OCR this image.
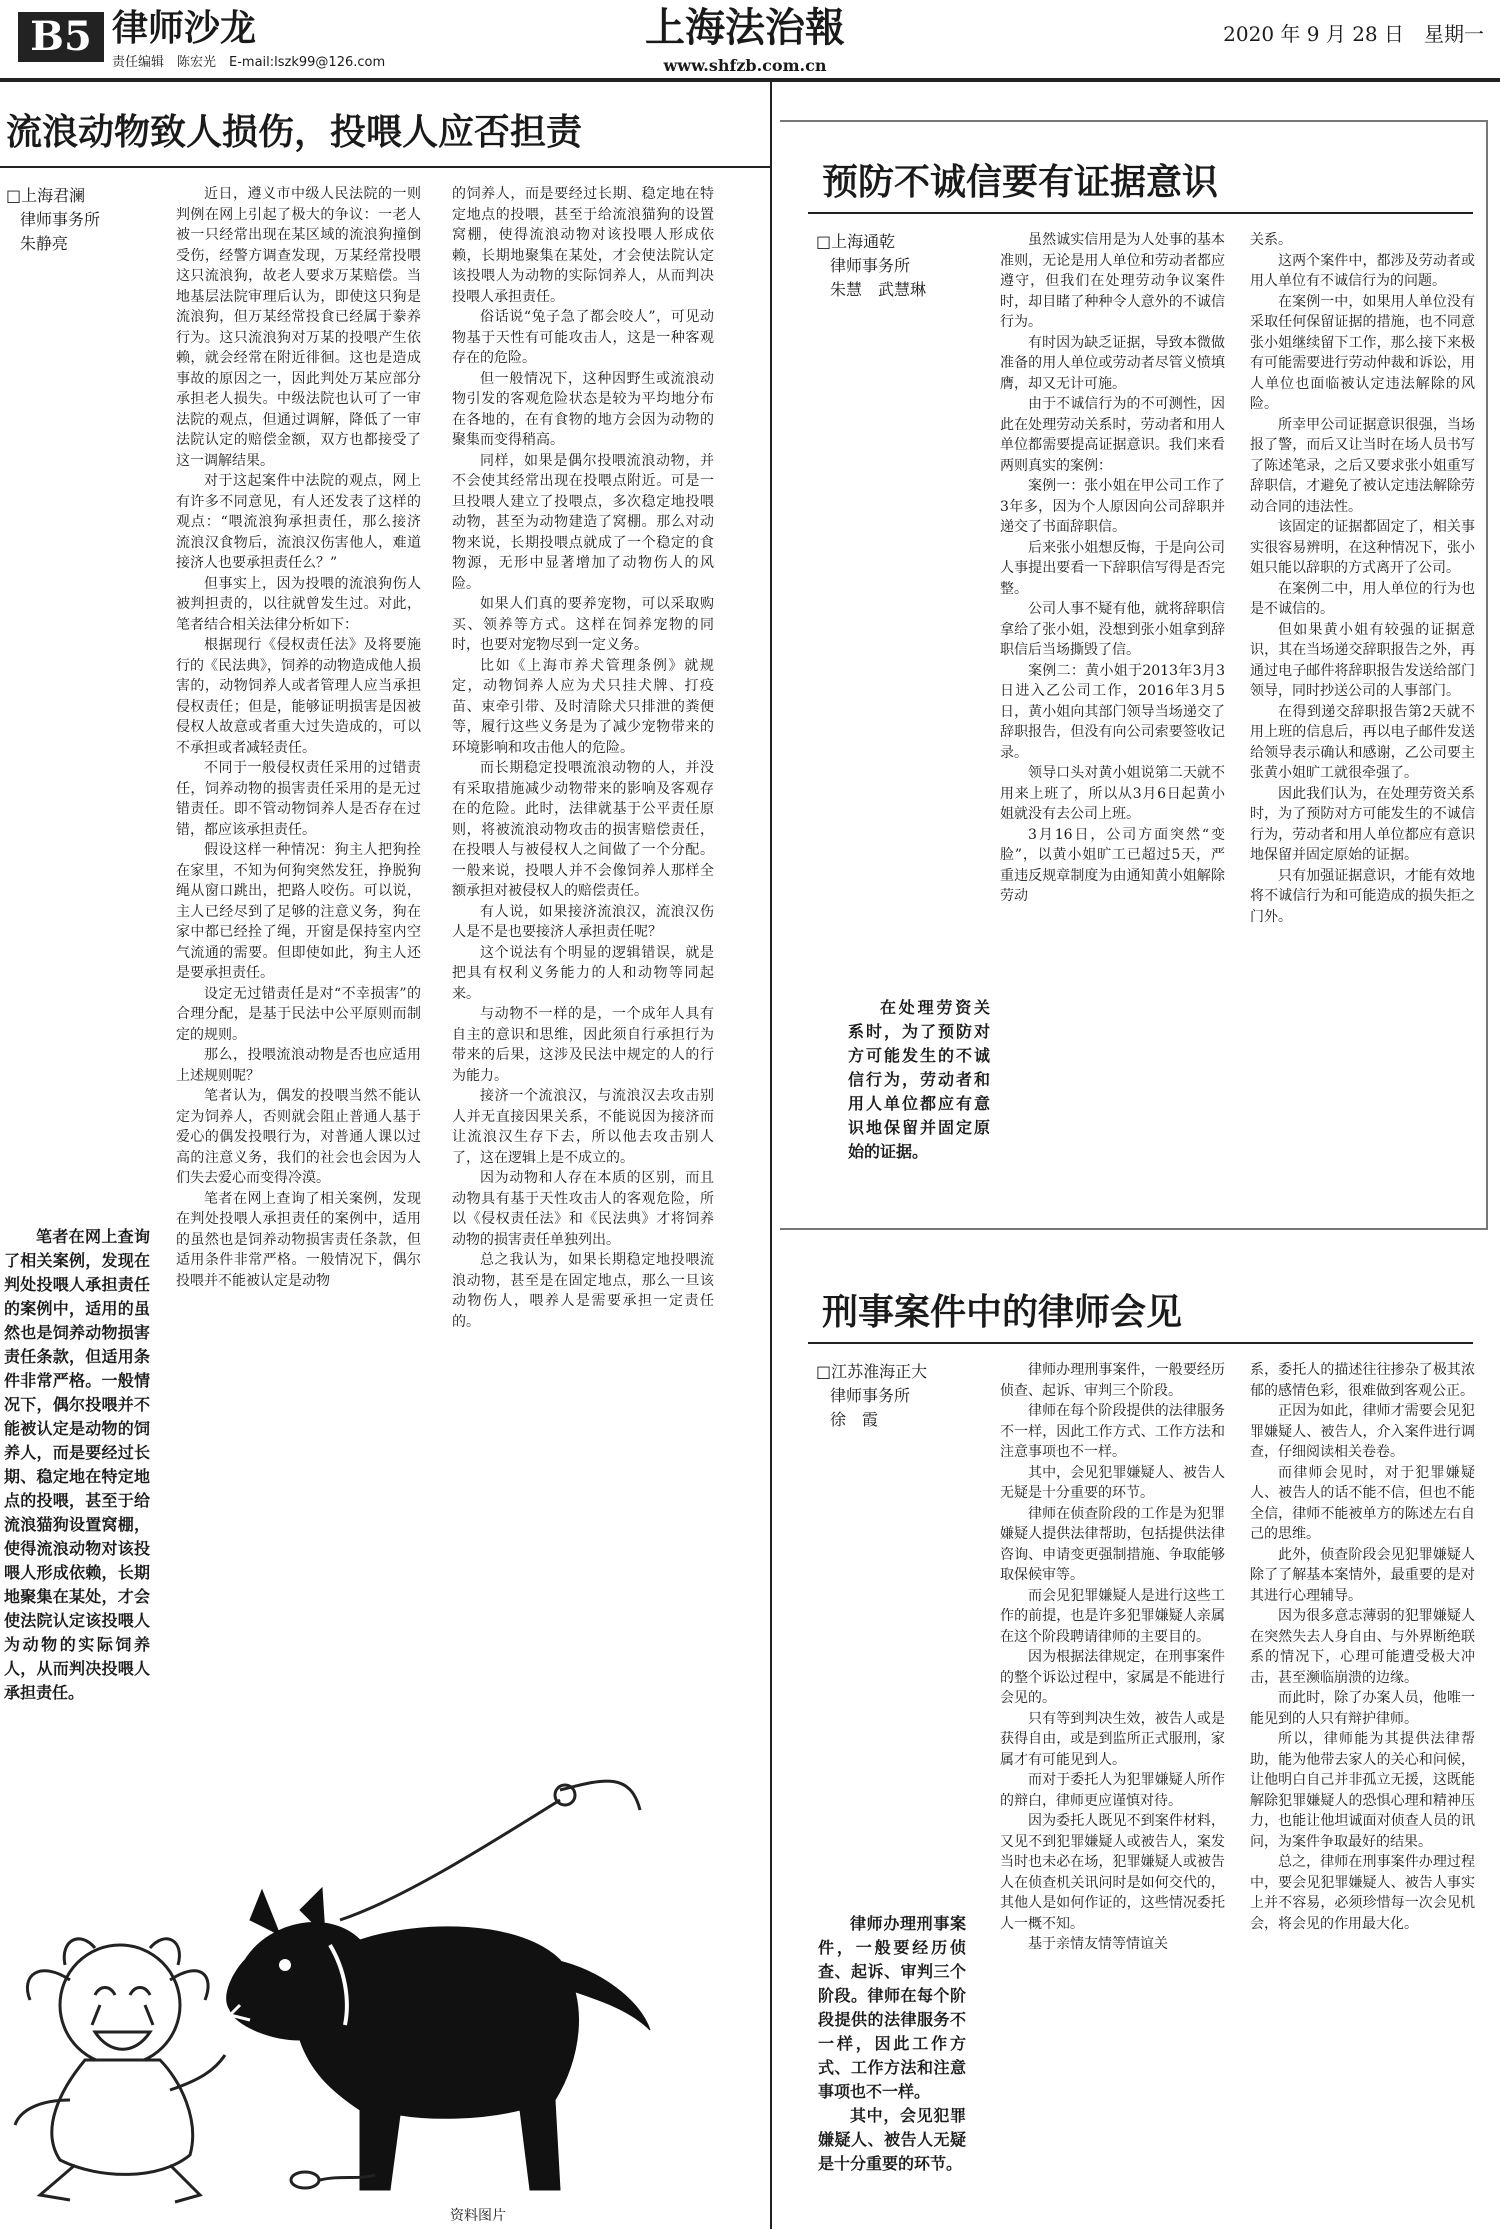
B5 律师沙龙
责任编辑　陈宏光　E-mail:lszk99@126.com
上海法治報
www.shfzb.com.cn
2020 年 9 月 28 日　星期一
流浪动物致人损伤，投喂人应否担责
□上海君澜
律师事务所
朱静亮

笔者在网上查询了相关案例，发现在判处投喂人承担责任的案例中，适用的虽然也是饲养动物损害责任条款，但适用条件非常严格。一般情况下，偶尔投喂并不能被认定是动物的饲养人，而是要经过长期、稳定地在特定地点的投喂，甚至于给流浪猫狗设置窝棚，使得流浪动物对该投喂人形成依赖，长期地聚集在某处，才会使法院认定该投喂人为动物的实际饲养人，从而判决投喂人承担责任。

近日，遵义市中级人民法院的一则判例在网上引起了极大的争议：一老人被一只经常出现在某区域的流浪狗撞倒受伤，经警方调查发现，万某经常投喂这只流浪狗，故老人要求万某赔偿。当地基层法院审理后认为，即使这只狗是流浪狗，但万某经常投食已经属于豢养行为。这只流浪狗对万某的投喂产生依赖，就会经常在附近徘徊。这也是造成事故的原因之一，因此判处万某应部分承担老人损失。中级法院也认可了一审法院的观点，但通过调解，降低了一审法院认定的赔偿金额，双方也都接受了这一调解结果。

对于这起案件中法院的观点，网上有许多不同意见，有人还发表了这样的观点：“喂流浪狗承担责任，那么接济流浪汉食物后，流浪汉伤害他人，难道接济人也要承担责任么？”

但事实上，因为投喂的流浪狗伤人被判担责的，以往就曾发生过。对此，笔者结合相关法律分析如下：

根据现行《侵权责任法》及将要施行的《民法典》，饲养的动物造成他人损害的，动物饲养人或者管理人应当承担侵权责任；但是，能够证明损害是因被侵权人故意或者重大过失造成的，可以不承担或者减轻责任。

不同于一般侵权责任采用的过错责任，饲养动物的损害责任采用的是无过错责任。即不管动物饲养人是否存在过错，都应该承担责任。

假设这样一种情况：狗主人把狗拴在家里，不知为何狗突然发狂，挣脱狗绳从窗口跳出，把路人咬伤。可以说，主人已经尽到了足够的注意义务，狗在家中都已经拴了绳，开窗是保持室内空气流通的需要。但即使如此，狗主人还是要承担责任。

设定无过错责任是对“不幸损害”的合理分配，是基于民法中公平原则而制定的规则。

那么，投喂流浪动物是否也应适用上述规则呢？

笔者认为，偶发的投喂当然不能认定为饲养人，否则就会阻止普通人基于爱心的偶发投喂行为，对普通人课以过高的注意义务，我们的社会也会因为人们失去爱心而变得冷漠。

笔者在网上查询了相关案例，发现在判处投喂人承担责任的案例中，适用的虽然也是饲养动物损害责任条款，但适用条件非常严格。一般情况下，偶尔投喂并不能被认定是动物

的饲养人，而是要经过长期、稳定地在特定地点的投喂，甚至于给流浪猫狗的设置窝棚，使得流浪动物对该投喂人形成依赖，长期地聚集在某处，才会使法院认定该投喂人为动物的实际饲养人，从而判决投喂人承担责任。

俗话说“兔子急了都会咬人”，可见动物基于天性有可能攻击人，这是一种客观存在的危险。

但一般情况下，这种因野生或流浪动物引发的客观危险状态是较为平均地分布在各地的，在有食物的地方会因为动物的聚集而变得稍高。

同样，如果是偶尔投喂流浪动物，并不会使其经常出现在投喂点附近。可是一旦投喂人建立了投喂点，多次稳定地投喂动物，甚至为动物建造了窝棚。那么对动物来说，长期投喂点就成了一个稳定的食物源，无形中显著增加了动物伤人的风险。

如果人们真的要养宠物，可以采取购买、领养等方式。这样在饲养宠物的同时，也要对宠物尽到一定义务。

比如《上海市养犬管理条例》就规定，动物饲养人应为犬只挂犬牌、打疫苗、束牵引带、及时清除犬只排泄的粪便等，履行这些义务是为了减少宠物带来的环境影响和攻击他人的危险。

而长期稳定投喂流浪动物的人，并没有采取措施减少动物带来的影响及客观存在的危险。此时，法律就基于公平责任原则，将被流浪动物攻击的损害赔偿责任，在投喂人与被侵权人之间做了一个分配。一般来说，投喂人并不会像饲养人那样全额承担对被侵权人的赔偿责任。

有人说，如果接济流浪汉，流浪汉伤人是不是也要接济人承担责任呢？

这个说法有个明显的逻辑错误，就是把具有权利义务能力的人和动物等同起来。

与动物不一样的是，一个成年人具有自主的意识和思维，因此须自行承担行为带来的后果，这涉及民法中规定的人的行为能力。

接济一个流浪汉，与流浪汉去攻击别人并无直接因果关系，不能说因为接济而让流浪汉生存下去，所以他去攻击别人了，这在逻辑上是不成立的。

因为动物和人存在本质的区别，而且动物具有基于天性攻击人的客观危险，所以《侵权责任法》和《民法典》才将饲养动物的损害责任单独列出。

总之我认为，如果长期稳定地投喂流浪动物，甚至是在固定地点，那么一旦该动物伤人，喂养人是需要承担一定责任的。

资料图片
预防不诚信要有证据意识
□上海通乾
律师事务所
朱慧　武慧琳

在处理劳资关系时，为了预防对方可能发生的不诚信行为，劳动者和用人单位都应有意识地保留并固定原始的证据。

虽然诚实信用是为人处事的基本准则，无论是用人单位和劳动者都应遵守，但我们在处理劳动争议案件时，却目睹了种种令人意外的不诚信行为。

有时因为缺乏证据，导致本微做准备的用人单位或劳动者尽管义愤填膺，却又无计可施。

由于不诚信行为的不可测性，因此在处理劳动关系时，劳动者和用人单位都需要提高证据意识。我们来看两则真实的案例：

案例一：张小姐在甲公司工作了3年多，因为个人原因向公司辞职并递交了书面辞职信。

后来张小姐想反悔，于是向公司人事提出要看一下辞职信写得是否完整。

公司人事不疑有他，就将辞职信拿给了张小姐，没想到张小姐拿到辞职信后当场撕毁了信。

案例二：黄小姐于2013年3月3日进入乙公司工作，2016年3月5日，黄小姐向其部门领导当场递交了辞职报告，但没有向公司索要签收记录。

领导口头对黄小姐说第二天就不用来上班了，所以从3月6日起黄小姐就没有去公司上班。

3月16日，公司方面突然“变脸”，以黄小姐旷工已超过5天，严重违反规章制度为由通知黄小姐解除劳动

关系。

这两个案件中，都涉及劳动者或用人单位有不诚信行为的问题。

在案例一中，如果用人单位没有采取任何保留证据的措施，也不同意张小姐继续留下工作，那么接下来极有可能需要进行劳动仲裁和诉讼，用人单位也面临被认定违法解除的风险。

所幸甲公司证据意识很强，当场报了警，而后又让当时在场人员书写了陈述笔录，之后又要求张小姐重写辞职信，才避免了被认定违法解除劳动合同的违法性。

该固定的证据都固定了，相关事实很容易辨明，在这种情况下，张小姐只能以辞职的方式离开了公司。

在案例二中，用人单位的行为也是不诚信的。

但如果黄小姐有较强的证据意识，其在当场递交辞职报告之外，再通过电子邮件将辞职报告发送给部门领导，同时抄送公司的人事部门。

在得到递交辞职报告第2天就不用上班的信息后，再以电子邮件发送给领导表示确认和感谢，乙公司要主张黄小姐旷工就很牵强了。

因此我们认为，在处理劳资关系时，为了预防对方可能发生的不诚信行为，劳动者和用人单位都应有意识地保留并固定原始的证据。

只有加强证据意识，才能有效地将不诚信行为和可能造成的损失拒之门外。

刑事案件中的律师会见
□江苏淮海正大
律师事务所
徐　霞

律师办理刑事案件，一般要经历侦查、起诉、审判三个阶段。律师在每个阶段提供的法律服务不一样，因此工作方式、工作方法和注意事项也不一样。

其中，会见犯罪嫌疑人、被告人无疑是十分重要的环节。

律师办理刑事案件，一般要经历侦查、起诉、审判三个阶段。

律师在每个阶段提供的法律服务不一样，因此工作方式、工作方法和注意事项也不一样。

其中，会见犯罪嫌疑人、被告人无疑是十分重要的环节。

律师在侦查阶段的工作是为犯罪嫌疑人提供法律帮助，包括提供法律咨询、申请变更强制措施、争取能够取保候审等。

而会见犯罪嫌疑人是进行这些工作的前提，也是许多犯罪嫌疑人亲属在这个阶段聘请律师的主要目的。

因为根据法律规定，在刑事案件的整个诉讼过程中，家属是不能进行会见的。

只有等到判决生效，被告人或是获得自由，或是到监所正式服刑，家属才有可能见到人。

而对于委托人为犯罪嫌疑人所作的辩白，律师更应谨慎对待。

因为委托人既见不到案件材料，又见不到犯罪嫌疑人或被告人，案发当时也未必在场，犯罪嫌疑人或被告人在侦查机关讯问时是如何交代的，其他人是如何作证的，这些情况委托人一概不知。

基于亲情友情等情谊关

系，委托人的描述往往掺杂了极其浓郁的感情色彩，很难做到客观公正。

正因为如此，律师才需要会见犯罪嫌疑人、被告人，介入案件进行调查，仔细阅读相关卷卷。

而律师会见时，对于犯罪嫌疑人、被告人的话不能不信，但也不能全信，律师不能被单方的陈述左右自己的思维。

此外，侦查阶段会见犯罪嫌疑人除了了解基本案情外，最重要的是对其进行心理辅导。

因为很多意志薄弱的犯罪嫌疑人在突然失去人身自由、与外界断绝联系的情况下，心理可能遭受极大冲击，甚至濒临崩溃的边缘。

而此时，除了办案人员，他唯一能见到的人只有辩护律师。

所以，律师能为其提供法律帮助，能为他带去家人的关心和问候，让他明白自己并非孤立无援，这既能解除犯罪嫌疑人的恐惧心理和精神压力，也能让他坦诚面对侦查人员的讯问，为案件争取最好的结果。

总之，律师在刑事案件办理过程中，要会见犯罪嫌疑人、被告人事实上并不容易，必须珍惜每一次会见机会，将会见的作用最大化。
